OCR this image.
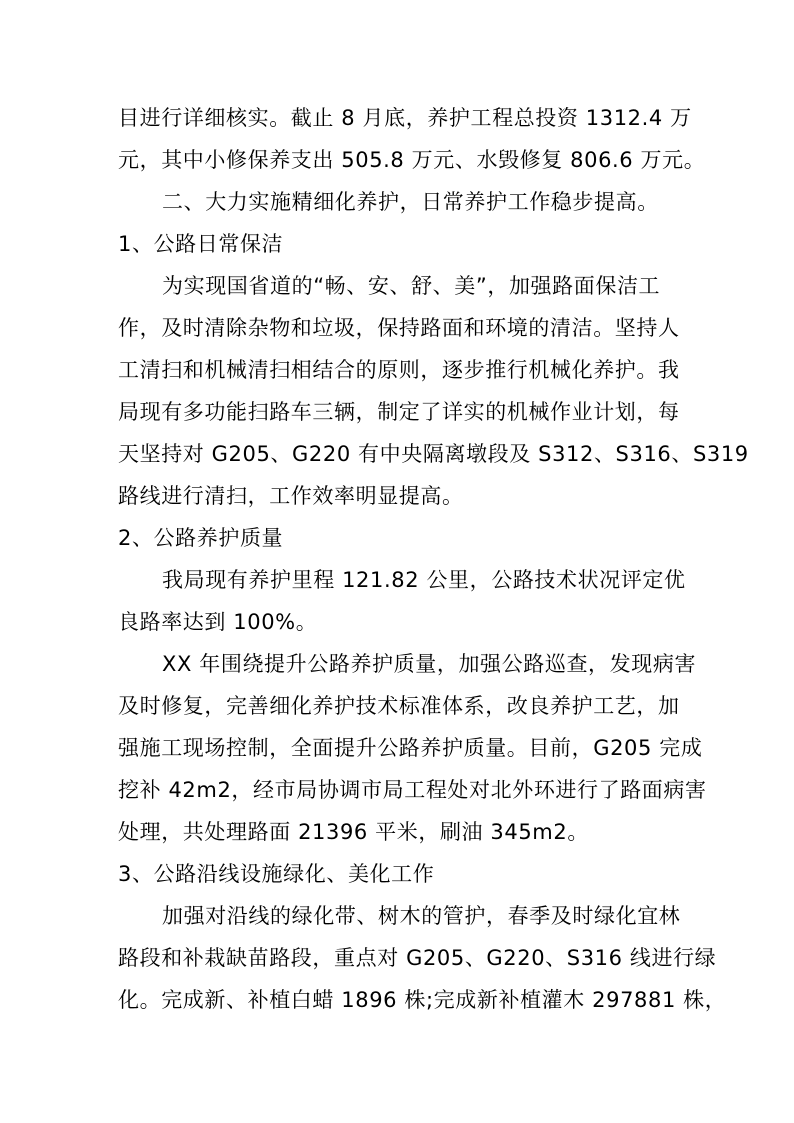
目进行详细核实。截止 8 月底，养护工程总投资 1312.4 万
元，其中小修保养支出 505.8 万元、水毁修复 806.6 万元。
二、大力实施精细化养护，日常养护工作稳步提高。
1、公路日常保洁
为实现国省道的“畅、安、舒、美”，加强路面保洁工
作，及时清除杂物和垃圾，保持路面和环境的清洁。坚持人
工清扫和机械清扫相结合的原则，逐步推行机械化养护。我
局现有多功能扫路车三辆，制定了详实的机械作业计划，每
天坚持对 G205、G220 有中央隔离墩段及 S312、S316、S319
路线进行清扫，工作效率明显提高。
2、公路养护质量
我局现有养护里程 121.82 公里，公路技术状况评定优
良路率达到 100%。
XX 年围绕提升公路养护质量，加强公路巡查，发现病害
及时修复，完善细化养护技术标准体系，改良养护工艺，加
强施工现场控制，全面提升公路养护质量。目前，G205 完成
挖补 42m2，经市局协调市局工程处对北外环进行了路面病害
处理，共处理路面 21396 平米，刷油 345m2。
3、公路沿线设施绿化、美化工作
加强对沿线的绿化带、树木的管护，春季及时绿化宜林
路段和补栽缺苗路段，重点对 G205、G220、S316 线进行绿
化。完成新、补植白蜡 1896 株;完成新补植灌木 297881 株，
